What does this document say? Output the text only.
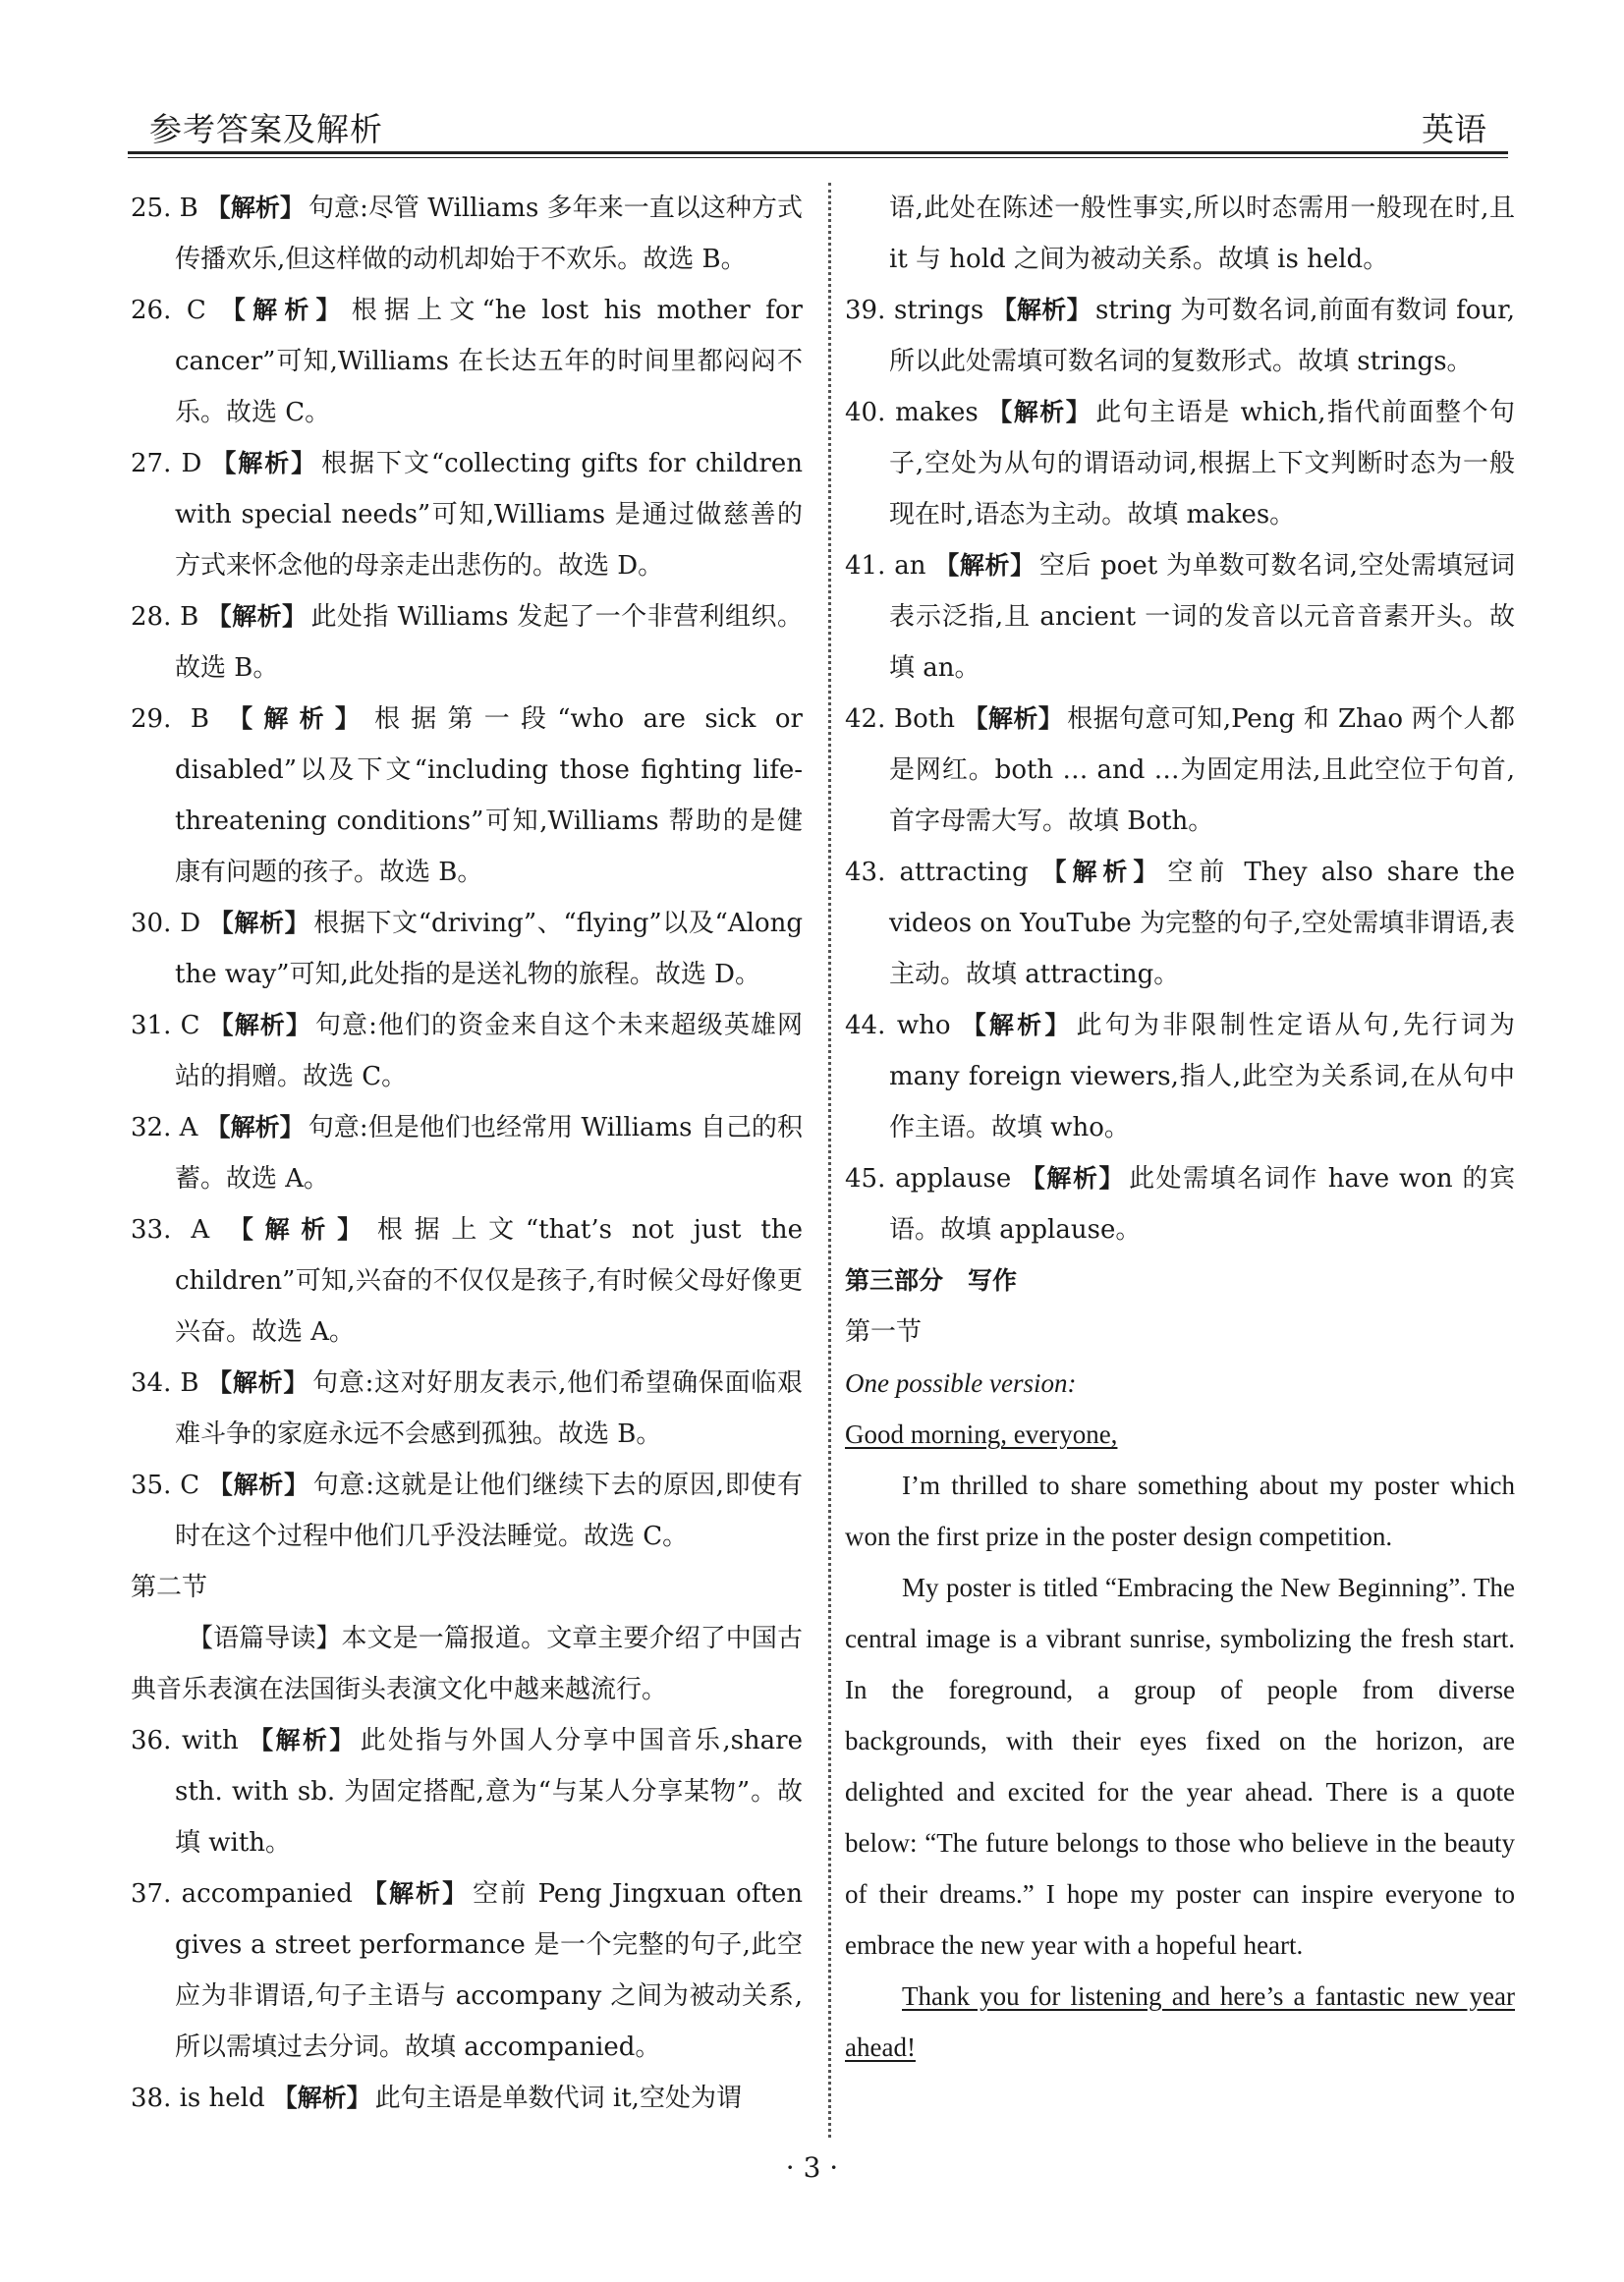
参考答案及解析	英语
25. B 【解析】 句意:尽管 Williams 多年来一直以这种方式传播欢乐,但这样做的动机却始于不欢乐。故选 B。
26. C 【解析】 根据上文“he lost his mother for cancer”可知,Williams 在长达五年的时间里都闷闷不乐。故选 C。
27. D 【解析】 根据下文“collecting gifts for children with special needs”可知,Williams 是通过做慈善的方式来怀念他的母亲走出悲伤的。故选 D。
28. B 【解析】 此处指 Williams 发起了一个非营利组织。故选 B。
29. B 【解析】 根据第一段“who are sick or disabled”以及下文“including those fighting life-threatening conditions”可知,Williams 帮助的是健康有问题的孩子。故选 B。
30. D 【解析】 根据下文“driving”、“flying”以及“Along the way”可知,此处指的是送礼物的旅程。故选 D。
31. C 【解析】 句意:他们的资金来自这个未来超级英雄网站的捐赠。故选 C。
32. A 【解析】 句意:但是他们也经常用 Williams 自己的积蓄。故选 A。
33. A 【解析】 根据上文“that’s not just the children”可知,兴奋的不仅仅是孩子,有时候父母好像更兴奋。故选 A。
34. B 【解析】 句意:这对好朋友表示,他们希望确保面临艰难斗争的家庭永远不会感到孤独。故选 B。
35. C 【解析】 句意:这就是让他们继续下去的原因,即使有时在这个过程中他们几乎没法睡觉。故选 C。
第二节
【语篇导读】本文是一篇报道。文章主要介绍了中国古典音乐表演在法国街头表演文化中越来越流行。
36. with 【解析】 此处指与外国人分享中国音乐,share sth. with sb. 为固定搭配,意为“与某人分享某物”。故填 with。
37. accompanied 【解析】 空前 Peng Jingxuan often gives a street performance 是一个完整的句子,此空应为非谓语,句子主语与 accompany 之间为被动关系,所以需填过去分词。故填 accompanied。
38. is held 【解析】 此句主语是单数代词 it,空处为谓
语,此处在陈述一般性事实,所以时态需用一般现在时,且 it 与 hold 之间为被动关系。故填 is held。
39. strings 【解析】 string 为可数名词,前面有数词 four,所以此处需填可数名词的复数形式。故填 strings。
40. makes 【解析】 此句主语是 which,指代前面整个句子,空处为从句的谓语动词,根据上下文判断时态为一般现在时,语态为主动。故填 makes。
41. an 【解析】 空后 poet 为单数可数名词,空处需填冠词表示泛指,且 ancient 一词的发音以元音音素开头。故填 an。
42. Both 【解析】 根据句意可知,Peng 和 Zhao 两个人都是网红。both … and …为固定用法,且此空位于句首,首字母需大写。故填 Both。
43. attracting 【解析】 空前 They also share the videos on YouTube 为完整的句子,空处需填非谓语,表主动。故填 attracting。
44. who 【解析】 此句为非限制性定语从句,先行词为 many foreign viewers,指人,此空为关系词,在从句中作主语。故填 who。
45. applause 【解析】 此处需填名词作 have won 的宾语。故填 applause。
第三部分　写作
第一节
One possible version:
Good morning, everyone,
I’m thrilled to share something about my poster which won the first prize in the poster design competition.
My poster is titled “Embracing the New Beginning”. The central image is a vibrant sunrise, symbolizing the fresh start. In the foreground, a group of people from diverse backgrounds, with their eyes fixed on the horizon, are delighted and excited for the year ahead. There is a quote below: “The future belongs to those who believe in the beauty of their dreams.” I hope my poster can inspire everyone to embrace the new year with a hopeful heart.
Thank you for listening and here’s a fantastic new year ahead!
· 3 ·
